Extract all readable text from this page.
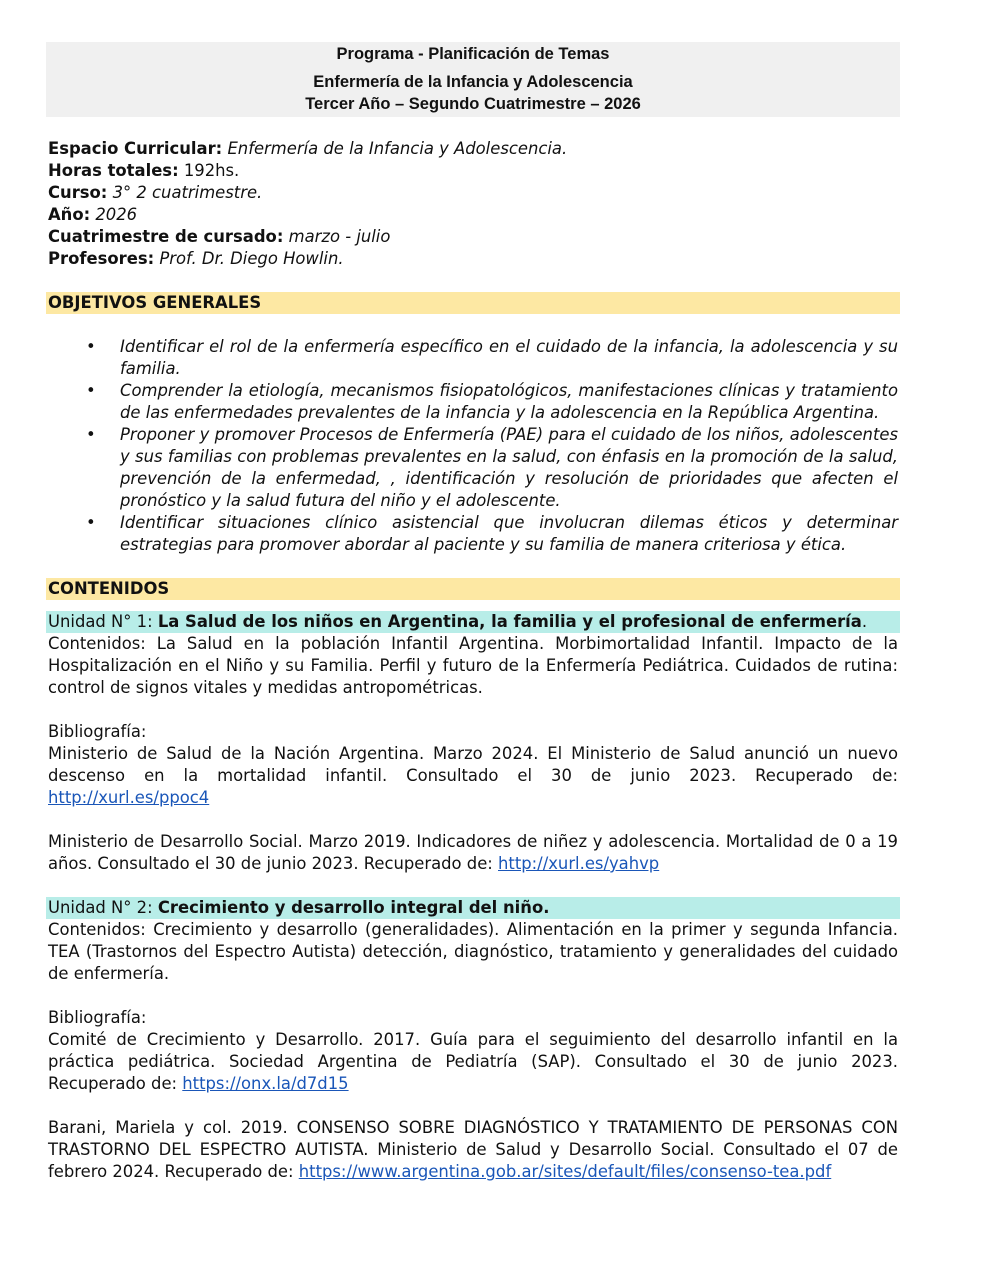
Programa - Planificación de Temas
Enfermería de la Infancia y Adolescencia
Tercer Año – Segundo Cuatrimestre – 2026
Espacio Curricular: Enfermería de la Infancia y Adolescencia.
Horas totales: 192hs.
Curso: 3° 2 cuatrimestre.
Año: 2026
Cuatrimestre de cursado: marzo - julio
Profesores: Prof. Dr. Diego Howlin.
OBJETIVOS GENERALES
• Identificar el rol de la enfermería específico en el cuidado de la infancia, la adolescencia y su familia.
• Comprender la etiología, mecanismos fisiopatológicos, manifestaciones clínicas y tratamiento de las enfermedades prevalentes de la infancia y la adolescencia en la República Argentina.
• Proponer y promover Procesos de Enfermería (PAE) para el cuidado de los niños, adolescentes y sus familias con problemas prevalentes en la salud, con énfasis en la promoción de la salud, prevención de la enfermedad, , identificación y resolución de prioridades que afecten el pronóstico y la salud futura del niño y el adolescente.
• Identificar situaciones clínico asistencial que involucran dilemas éticos y determinar estrategias para promover abordar al paciente y su familia de manera criteriosa y ética.
CONTENIDOS
Unidad N° 1: La Salud de los niños en Argentina, la familia y el profesional de enfermería.
Contenidos: La Salud en la población Infantil Argentina. Morbimortalidad Infantil. Impacto de la Hospitalización en el Niño y su Familia. Perfil y futuro de la Enfermería Pediátrica. Cuidados de rutina: control de signos vitales y medidas antropométricas.
Bibliografía:
Ministerio de Salud de la Nación Argentina. Marzo 2024. El Ministerio de Salud anunció un nuevo descenso en la mortalidad infantil. Consultado el 30 de junio 2023. Recuperado de: http://xurl.es/ppoc4
Ministerio de Desarrollo Social. Marzo 2019. Indicadores de niñez y adolescencia. Mortalidad de 0 a 19 años. Consultado el 30 de junio 2023. Recuperado de: http://xurl.es/yahvp
Unidad N° 2: Crecimiento y desarrollo integral del niño.
Contenidos: Crecimiento y desarrollo (generalidades). Alimentación en la primer y segunda Infancia. TEA (Trastornos del Espectro Autista) detección, diagnóstico, tratamiento y generalidades del cuidado de enfermería.
Bibliografía:
Comité de Crecimiento y Desarrollo. 2017. Guía para el seguimiento del desarrollo infantil en la práctica pediátrica. Sociedad Argentina de Pediatría (SAP). Consultado el 30 de junio 2023. Recuperado de: https://onx.la/d7d15
Barani, Mariela y col. 2019. CONSENSO SOBRE DIAGNÓSTICO Y TRATAMIENTO DE PERSONAS CON TRASTORNO DEL ESPECTRO AUTISTA. Ministerio de Salud y Desarrollo Social. Consultado el 07 de febrero 2024. Recuperado de: https://www.argentina.gob.ar/sites/default/files/consenso-tea.pdf
